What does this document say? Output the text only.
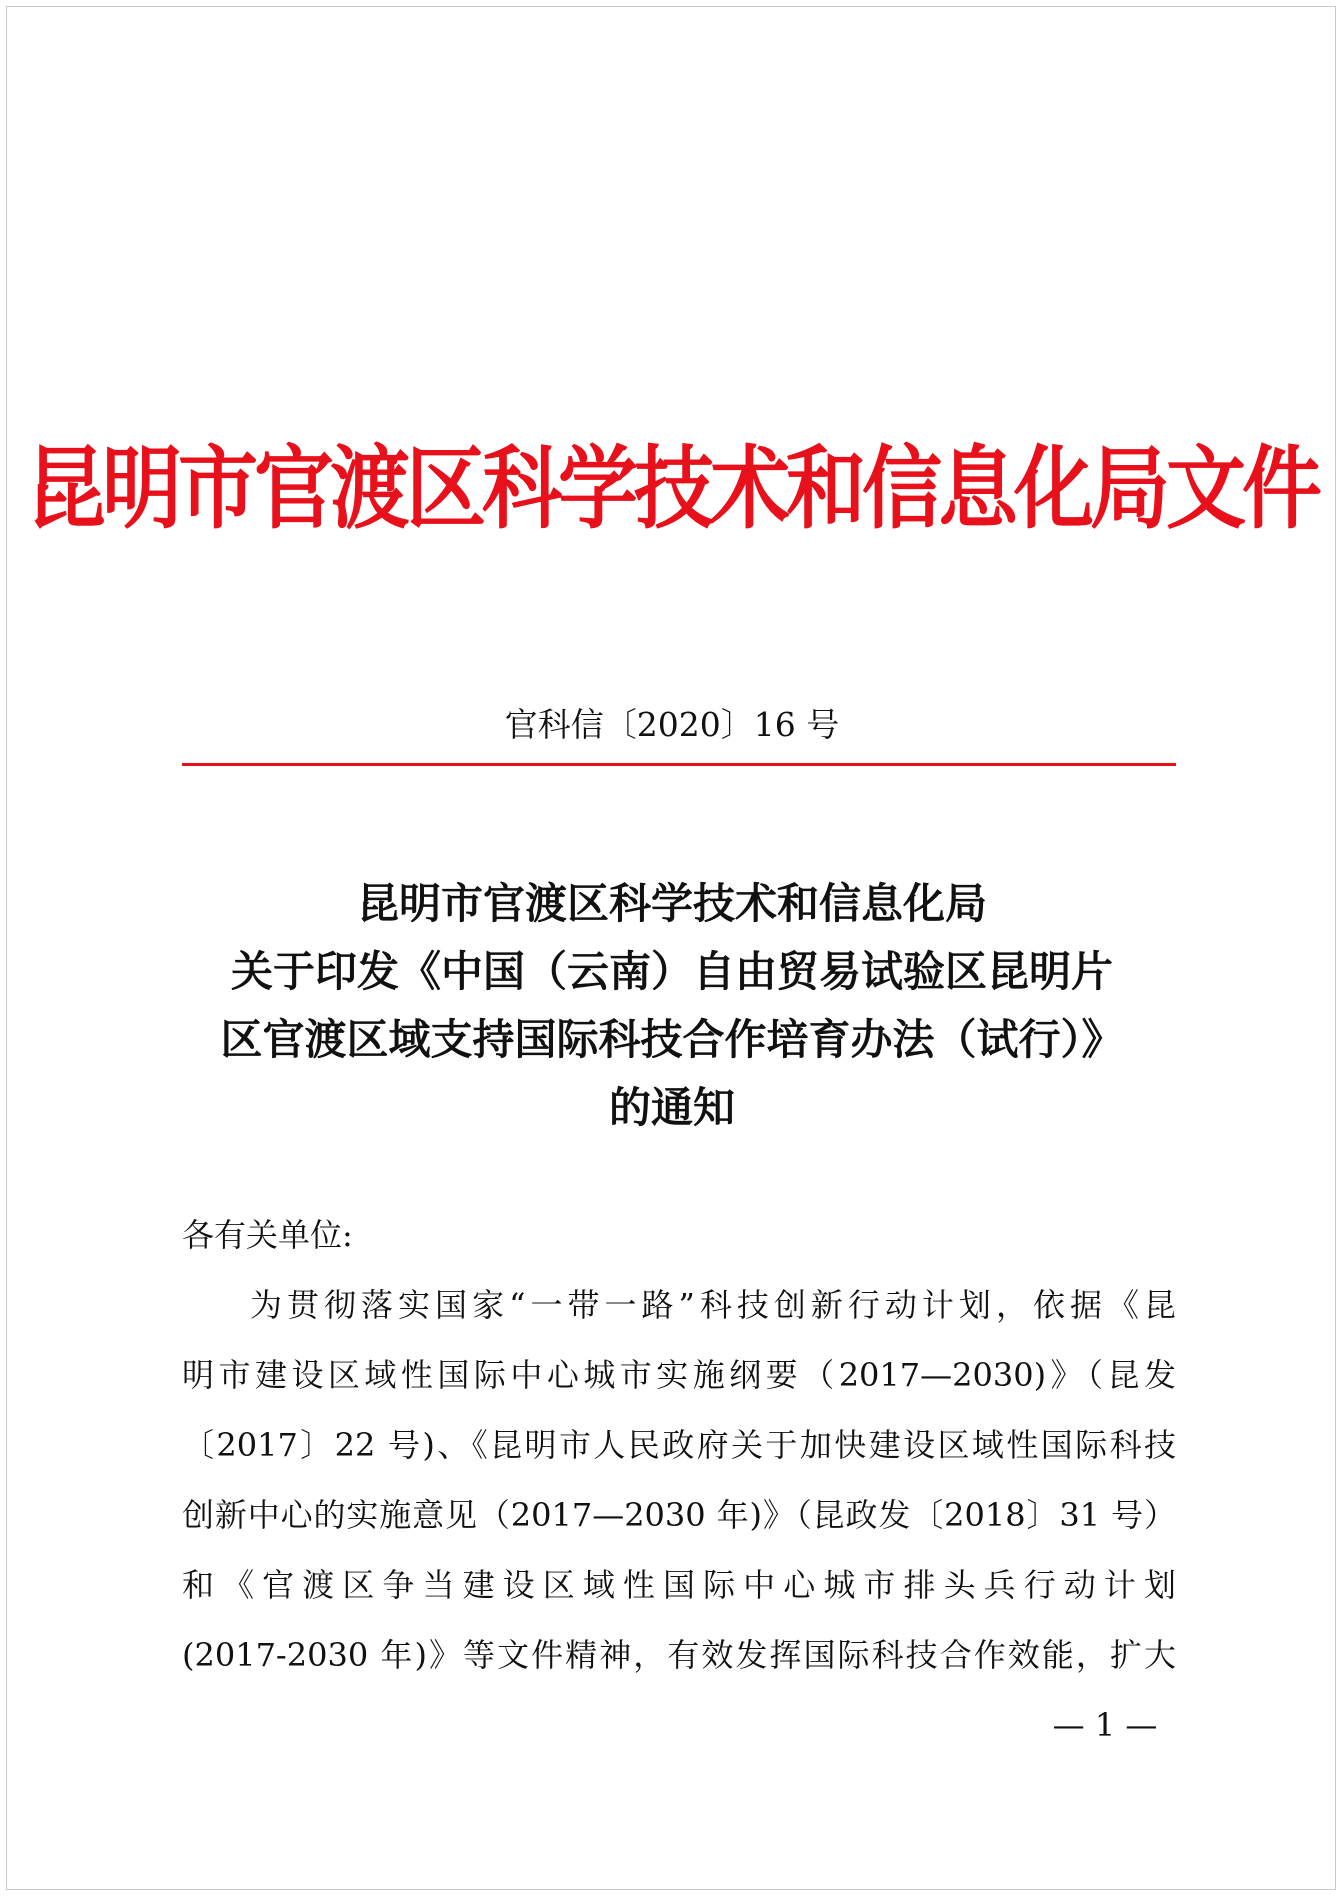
昆明市官渡区科学技术和信息化局文件
官科信〔2020〕16 号
昆明市官渡区科学技术和信息化局
关于印发《中国（云南）自由贸易试验区昆明片
区官渡区域支持国际科技合作培育办法（试行）》
的通知
各有关单位:
为贯彻落实国家“一带一路”科技创新行动计划，依据《昆
明市建设区域性国际中心城市实施纲要（2017—2030)》（昆发
〔2017〕22 号)、《昆明市人民政府关于加快建设区域性国际科技
创新中心的实施意见（2017—2030 年)》（昆政发〔2018〕31 号）
和《官渡区争当建设区域性国际中心城市排头兵行动计划
(2017-2030 年)》等文件精神，有效发挥国际科技合作效能，扩大
— 1 —
